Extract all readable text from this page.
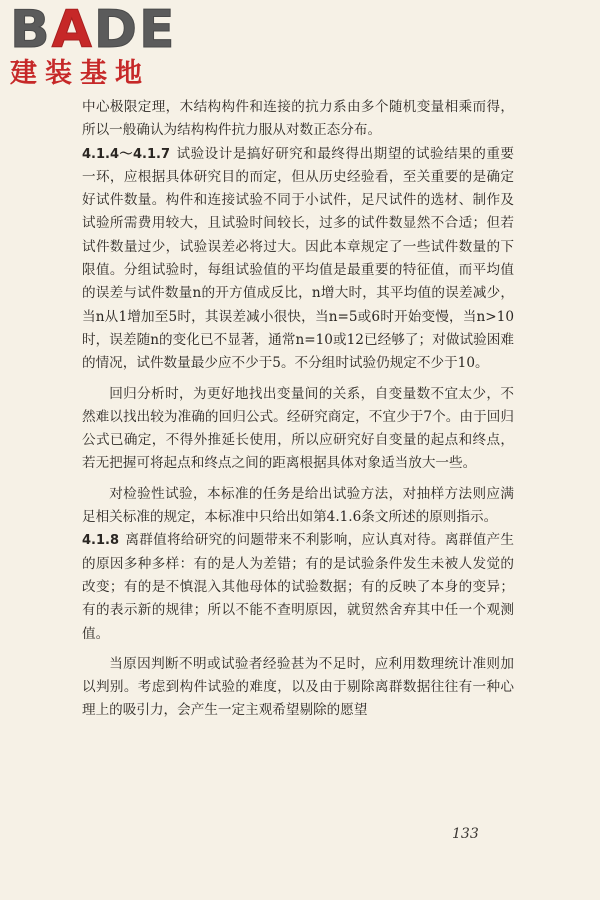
BADE
建装基地

中心极限定理，木结构构件和连接的抗力系由多个随机变量相乘而得，所以一般确认为结构构件抗力服从对数正态分布。

4.1.4～4.1.7 试验设计是搞好研究和最终得出期望的试验结果的重要一环，应根据具体研究目的而定，但从历史经验看，至关重要的是确定好试件数量。构件和连接试验不同于小试件，足尺试件的选材、制作及试验所需费用较大，且试验时间较长，过多的试件数显然不合适；但若试件数量过少，试验误差必将过大。因此本章规定了一些试件数量的下限值。分组试验时，每组试验值的平均值是最重要的特征值，而平均值的误差与试件数量n的开方值成反比，n增大时，其平均值的误差减少，当n从1增加至5时，其误差减小很快，当n=5或6时开始变慢，当n>10时，误差随n的变化已不显著，通常n=10或12已经够了；对做试验困难的情况，试件数量最少应不少于5。不分组时试验仍规定不少于10。

回归分析时，为更好地找出变量间的关系，自变量数不宜太少，不然难以找出较为准确的回归公式。经研究商定，不宜少于7个。由于回归公式已确定，不得外推延长使用，所以应研究好自变量的起点和终点，若无把握可将起点和终点之间的距离根据具体对象适当放大一些。

对检验性试验，本标准的任务是给出试验方法，对抽样方法则应满足相关标准的规定，本标准中只给出如第4.1.6条文所述的原则指示。

4.1.8 离群值将给研究的问题带来不利影响，应认真对待。离群值产生的原因多种多样：有的是人为差错；有的是试验条件发生未被人发觉的改变；有的是不慎混入其他母体的试验数据；有的反映了本身的变异；有的表示新的规律；所以不能不查明原因，就贸然舍弃其中任一个观测值。

当原因判断不明或试验者经验甚为不足时，应利用数理统计准则加以判别。考虑到构件试验的难度，以及由于剔除离群数据往往有一种心理上的吸引力，会产生一定主观希望剔除的愿望

133
